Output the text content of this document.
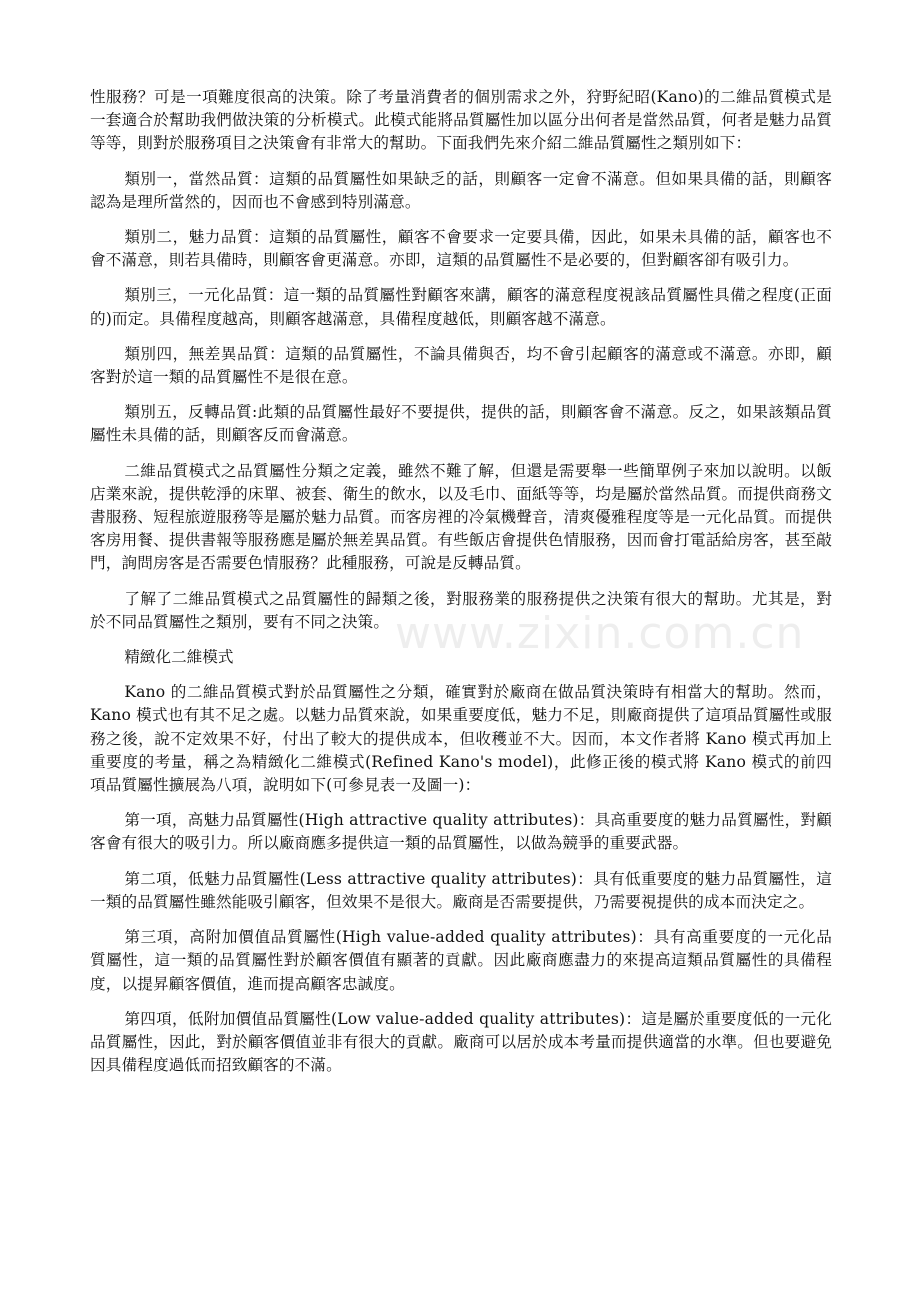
性服務？可是一項難度很高的決策。除了考量消費者的個別需求之外，狩野紀昭(Kano)的二維品質模式是一套適合於幫助我們做決策的分析模式。此模式能將品質屬性加以區分出何者是當然品質，何者是魅力品質等等，則對於服務項目之決策會有非常大的幫助。下面我們先來介紹二維品質屬性之類別如下：

類別一，當然品質：這類的品質屬性如果缺乏的話，則顧客一定會不滿意。但如果具備的話，則顧客認為是理所當然的，因而也不會感到特別滿意。

類別二，魅力品質：這類的品質屬性，顧客不會要求一定要具備，因此，如果未具備的話，顧客也不會不滿意，則若具備時，則顧客會更滿意。亦即，這類的品質屬性不是必要的，但對顧客卻有吸引力。

類別三，一元化品質：這一類的品質屬性對顧客來講，顧客的滿意程度視該品質屬性具備之程度(正面的)而定。具備程度越高，則顧客越滿意，具備程度越低，則顧客越不滿意。

類別四，無差異品質：這類的品質屬性，不論具備與否，均不會引起顧客的滿意或不滿意。亦即，顧客對於這一類的品質屬性不是很在意。

類別五，反轉品質:此類的品質屬性最好不要提供，提供的話，則顧客會不滿意。反之，如果該類品質屬性未具備的話，則顧客反而會滿意。

二維品質模式之品質屬性分類之定義，雖然不難了解，但還是需要舉一些簡單例子來加以說明。以飯店業來說，提供乾淨的床單、被套、衛生的飲水，以及毛巾、面紙等等，均是屬於當然品質。而提供商務文書服務、短程旅遊服務等是屬於魅力品質。而客房裡的冷氣機聲音，清爽優雅程度等是一元化品質。而提供客房用餐、提供書報等服務應是屬於無差異品質。有些飯店會提供色情服務，因而會打電話給房客，甚至敲門，詢問房客是否需要色情服務？此種服務，可說是反轉品質。

了解了二維品質模式之品質屬性的歸類之後，對服務業的服務提供之決策有很大的幫助。尤其是，對於不同品質屬性之類別，要有不同之決策。

精緻化二維模式

Kano 的二維品質模式對於品質屬性之分類，確實對於廠商在做品質決策時有相當大的幫助。然而，Kano 模式也有其不足之處。以魅力品質來說，如果重要度低，魅力不足，則廠商提供了這項品質屬性或服務之後，說不定效果不好，付出了較大的提供成本，但收穫並不大。因而，本文作者將 Kano 模式再加上重要度的考量，稱之為精緻化二維模式(Refined Kano's model)，此修正後的模式將 Kano 模式的前四項品質屬性擴展為八項，說明如下(可參見表一及圖一)：

第一項，高魅力品質屬性(High attractive quality attributes)：具高重要度的魅力品質屬性，對顧客會有很大的吸引力。所以廠商應多提供這一類的品質屬性，以做為競爭的重要武器。

第二項，低魅力品質屬性(Less attractive quality attributes)：具有低重要度的魅力品質屬性，這一類的品質屬性雖然能吸引顧客，但效果不是很大。廠商是否需要提供，乃需要視提供的成本而決定之。

第三項，高附加價值品質屬性(High value-added quality attributes)：具有高重要度的一元化品質屬性，這一類的品質屬性對於顧客價值有顯著的貢獻。因此廠商應盡力的來提高這類品質屬性的具備程度，以提昇顧客價值，進而提高顧客忠誠度。

第四項，低附加價值品質屬性(Low value-added quality attributes)：這是屬於重要度低的一元化品質屬性，因此，對於顧客價值並非有很大的貢獻。廠商可以居於成本考量而提供適當的水準。但也要避免因具備程度過低而招致顧客的不滿。

www.zixin.com.cn
